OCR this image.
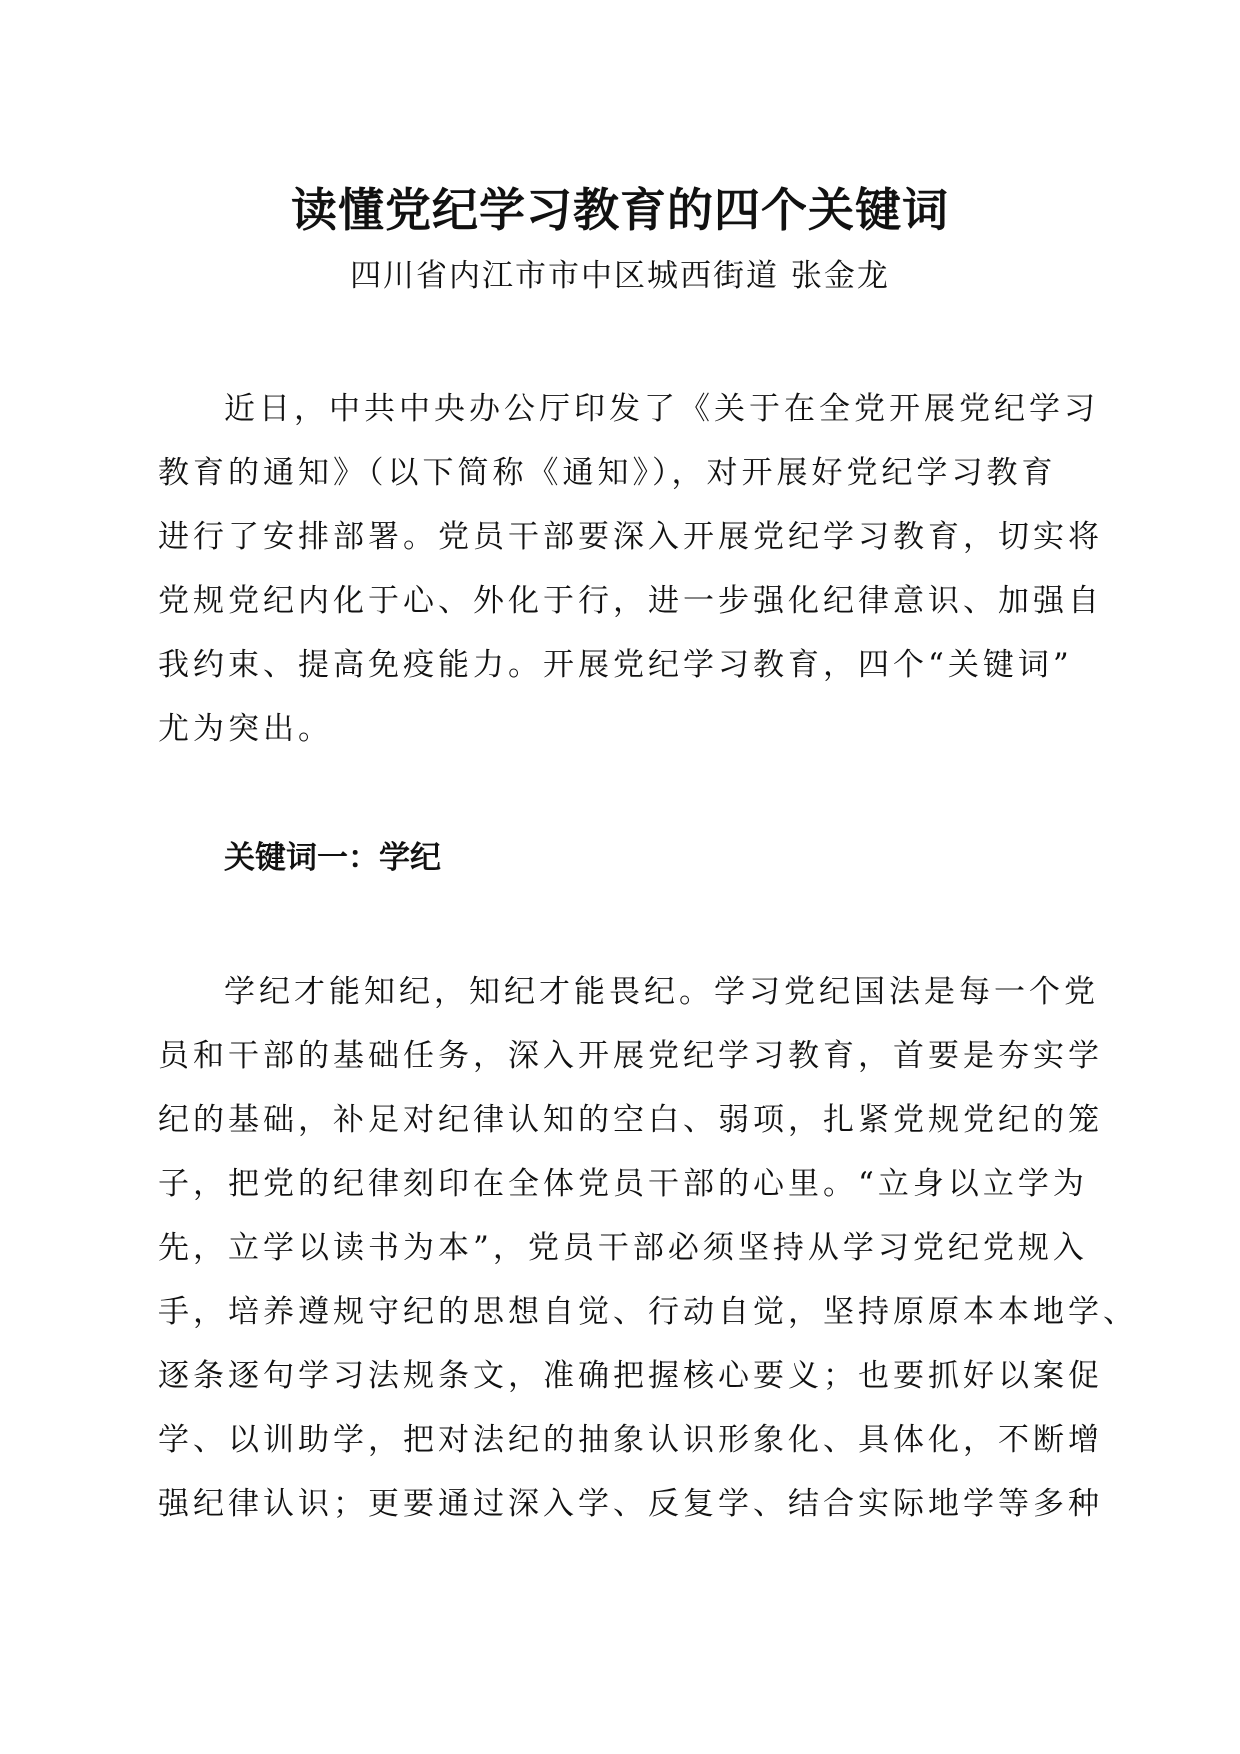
读懂党纪学习教育的四个关键词
四川省内江市市中区城西街道 张金龙
近日，中共中央办公厅印发了《关于在全党开展党纪学习
教育的通知》（以下简称《通知》），对开展好党纪学习教育
进行了安排部署。党员干部要深入开展党纪学习教育，切实将
党规党纪内化于心、外化于行，进一步强化纪律意识、加强自
我约束、提高免疫能力。开展党纪学习教育，四个“关键词”
尤为突出。
关键词一：学纪
学纪才能知纪，知纪才能畏纪。学习党纪国法是每一个党
员和干部的基础任务，深入开展党纪学习教育，首要是夯实学
纪的基础，补足对纪律认知的空白、弱项，扎紧党规党纪的笼
子，把党的纪律刻印在全体党员干部的心里。“立身以立学为
先，立学以读书为本”，党员干部必须坚持从学习党纪党规入
手，培养遵规守纪的思想自觉、行动自觉，坚持原原本本地学、
逐条逐句学习法规条文，准确把握核心要义；也要抓好以案促
学、以训助学，把对法纪的抽象认识形象化、具体化，不断增
强纪律认识；更要通过深入学、反复学、结合实际地学等多种
